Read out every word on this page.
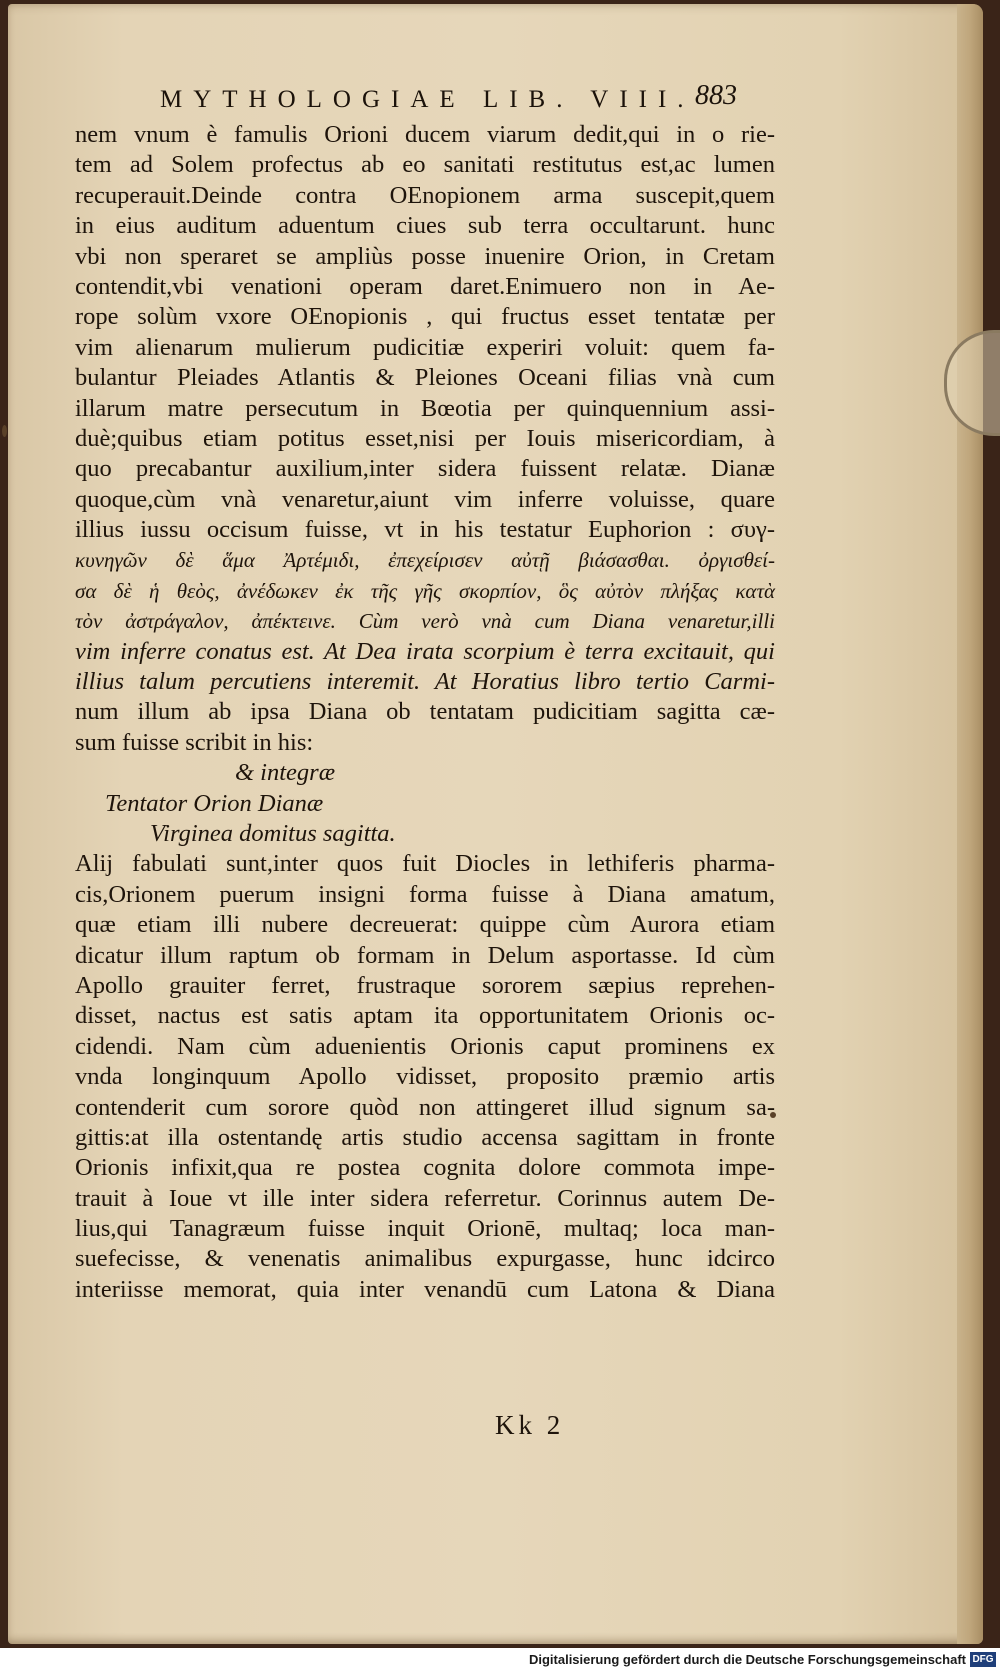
MYTHOLOGIAE LIB. VIII. 883
nem vnum è famulis Orioni ducem viarum dedit,qui in o rie-
tem ad Solem profectus ab eo sanitati restitutus est,ac lumen
recuperauit.Deinde contra OEnopionem arma suscepit,quem
in eius auditum aduentum ciues sub terra occultarunt. hunc
vbi non speraret se ampliùs posse inuenire Orion, in Cretam
contendit,vbi venationi operam daret.Enimuero non in Ae-
rope solùm vxore OEnopionis , qui fructus esset tentatæ per
vim alienarum mulierum pudicitiæ experiri voluit: quem fa-
bulantur Pleiades Atlantis & Pleiones Oceani filias vnà cum
illarum matre persecutum in Bœotia per quinquennium assi-
duè;quibus etiam potitus esset,nisi per Iouis misericordiam, à
quo precabantur auxilium,inter sidera fuissent relatæ. Dianæ
quoque,cùm vnà venaretur,aiunt vim inferre voluisse, quare
illius iussu occisum fuisse, vt in his testatur Euphorion : συγ-
κυνηγῶν δὲ ἅμα Ἀρτέμιδι, ἐπεχείρισεν αὐτῇ βιάσασθαι. ὀργισθεί-
σα δὲ ἡ θεὸς, ἀνέδωκεν ἐκ τῆς γῆς σκορπίον, ὃς αὐτὸν πλήξας κατὰ
τὸν ἀστράγαλον, ἀπέκτεινε. Cùm verò vnà cum Diana venaretur,illi
vim inferre conatus est. At Dea irata scorpium è terra excitauit, qui
illius talum percutiens interemit. At Horatius libro tertio Carmi-
num illum ab ipsa Diana ob tentatam pudicitiam sagitta cæ-
sum fuisse scribit in his:
& integræ
Tentator Orion Dianæ
Virginea domitus sagitta.
Alij fabulati sunt,inter quos fuit Diocles in lethiferis pharma-
cis,Orionem puerum insigni forma fuisse à Diana amatum,
quæ etiam illi nubere decreuerat: quippe cùm Aurora etiam
dicatur illum raptum ob formam in Delum asportasse. Id cùm
Apollo grauiter ferret, frustraque sororem sæpius reprehen-
disset, nactus est satis aptam ita opportunitatem Orionis oc-
cidendi. Nam cùm aduenientis Orionis caput prominens ex
vnda longinquum Apollo vidisset, proposito præmio artis
contenderit cum sorore quòd non attingeret illud signum sa-
gittis:at illa ostentandę artis studio accensa sagittam in fronte
Orionis infixit,qua re postea cognita dolore commota impe-
trauit à Ioue vt ille inter sidera referretur. Corinnus autem De-
lius,qui Tanagræum fuisse inquit Orionē, multaq; loca man-
suefecisse, & venenatis animalibus expurgasse, hunc idcirco
interiisse memorat, quia inter venandū cum Latona & Diana
Kk 2
Digitalisierung gefördert durch die Deutsche Forschungsgemeinschaft DFG
